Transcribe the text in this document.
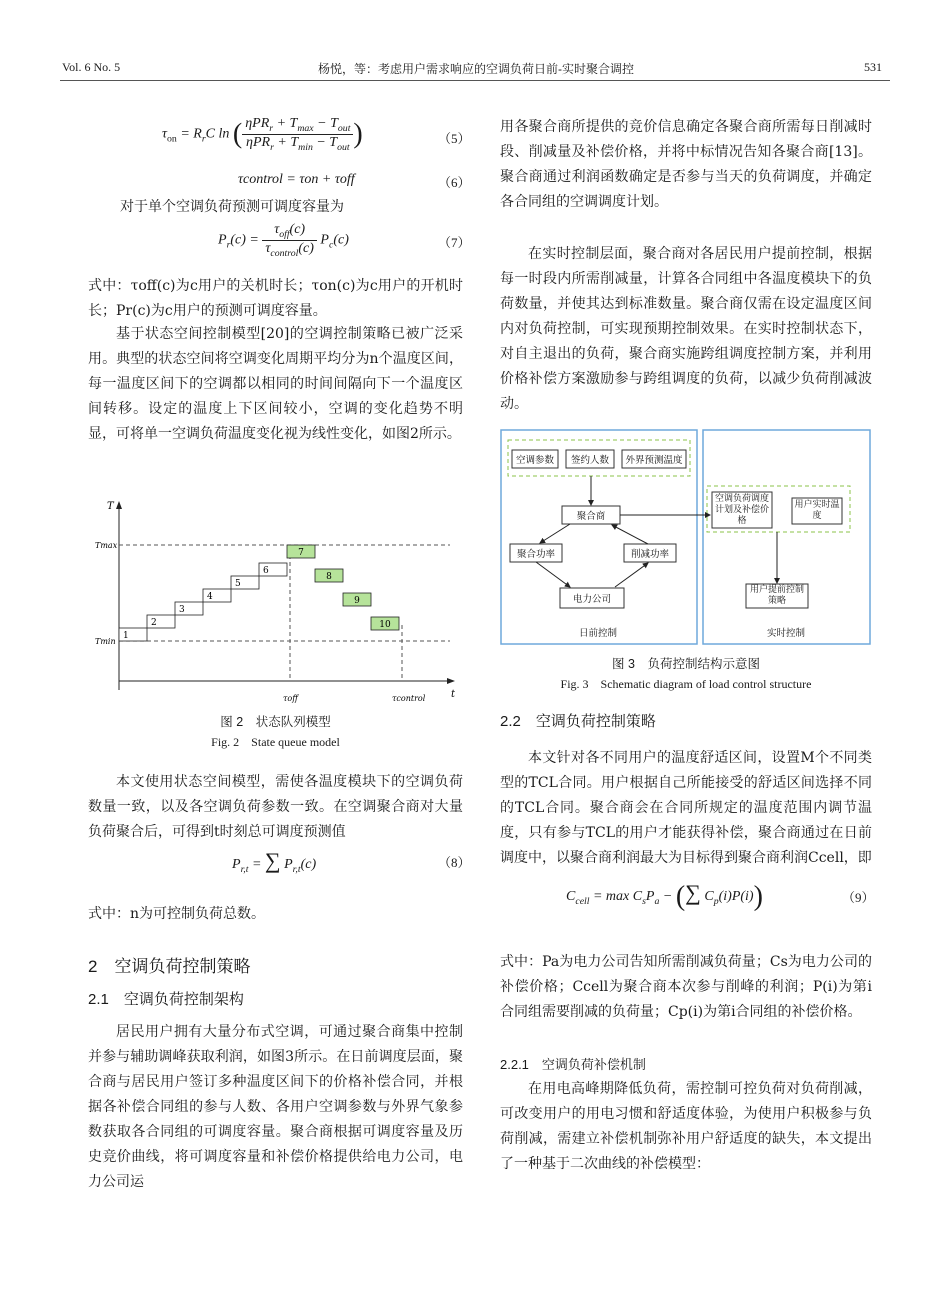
Vol. 6 No. 5	杨悦，等：考虑用户需求响应的空调负荷日前-实时聚合调控	531
$\tau_{on} = R_rC$ ln ( $\frac{\eta PR_r + T_{max} - T_{out}}{\eta PR_r + T_{min} - T_{out}}$ )	（5）
τcontrol = τon + τoff	（6）
对于单个空调负荷预测可调度容量为
$P_r(c) = \frac{\tau_{off}(c)}{\tau_{control}(c)} P_c(c)$	（7）

式中：τoff(c)为c用户的关机时长；τon(c)为c用户的开机时长；Pr(c)为c用户的预测可调度容量。

基于状态空间控制模型[20]的空调控制策略已被广泛采用。典型的状态空间将空调变化周期平均分为n个温度区间，每一温度区间下的空调都以相同的时间间隔向下一个温度区间转移。设定的温度上下区间较小，空调的变化趋势不明显，可将单一空调负荷温度变化视为线性变化，如图2所示。

T
t
Tmax
Tmin
τoff	τcontrol
1
2
3
4
5
6
7
8
9
10
图 2　状态队列模型
Fig. 2　State queue model

本文使用状态空间模型，需使各温度模块下的空调负荷数量一致，以及各空调负荷参数一致。在空调聚合商对大量负荷聚合后，可得到t时刻总可调度预测值

$P_{r,t}$ = ∑ $P_{r,t}(c)$	（8）

式中：n为可控制负荷总数。

2　空调负荷控制策略
2.1　空调负荷控制架构

居民用户拥有大量分布式空调，可通过聚合商集中控制并参与辅助调峰获取利润，如图3所示。在日前调度层面，聚合商与居民用户签订多种温度区间下的价格补偿合同，并根据各补偿合同组的参与人数、各用户空调参数与外界气象参数获取各合同组的可调度容量。聚合商根据可调度容量及历史竞价曲线，将可调度容量和补偿价格提供给电力公司，电力公司运

用各聚合商所提供的竞价信息确定各聚合商所需每日削减时段、削减量及补偿价格，并将中标情况告知各聚合商[13]。聚合商通过利润函数确定是否参与当天的负荷调度，并确定各合同组的空调调度计划。

在实时控制层面，聚合商对各居民用户提前控制，根据每一时段内所需削减量，计算各合同组中各温度模块下的负荷数量，并使其达到标准数量。聚合商仅需在设定温度区间内对负荷控制，可实现预期控制效果。在实时控制状态下，对自主退出的负荷，聚合商实施跨组调度控制方案，并利用价格补偿方案激励参与跨组调度的负荷，以减少负荷削减波动。

空调参数 签约人数 外界预测温度
聚合商
聚合功率	削减功率
电力公司
空调负荷调度计划及补偿价格
用户实时温度
用户提前控制策略
日前控制	实时控制
图 3　负荷控制结构示意图
Fig. 3　Schematic diagram of load control structure
2.2　空调负荷控制策略

本文针对各不同用户的温度舒适区间，设置M个不同类型的TCL合同。用户根据自己所能接受的舒适区间选择不同的TCL合同。聚合商会在合同所规定的温度范围内调节温度，只有参与TCL的用户才能获得补偿，聚合商通过在日前调度中，以聚合商利润最大为目标得到聚合商利润Ccell，即

$C_{cell} = \max C_sP_a$ − (∑ $C_p(i)P(i)$)	（9）

式中：Pa为电力公司告知所需削减负荷量；Cs为电力公司的补偿价格；Ccell为聚合商本次参与削峰的利润；P(i)为第i合同组需要削减的负荷量；Cp(i)为第i合同组的补偿价格。

2.2.1　空调负荷补偿机制

在用电高峰期降低负荷，需控制可控负荷对负荷削减，可改变用户的用电习惯和舒适度体验，为使用户积极参与负荷削减，需建立补偿机制弥补用户舒适度的缺失，本文提出了一种基于二次曲线的补偿模型：
